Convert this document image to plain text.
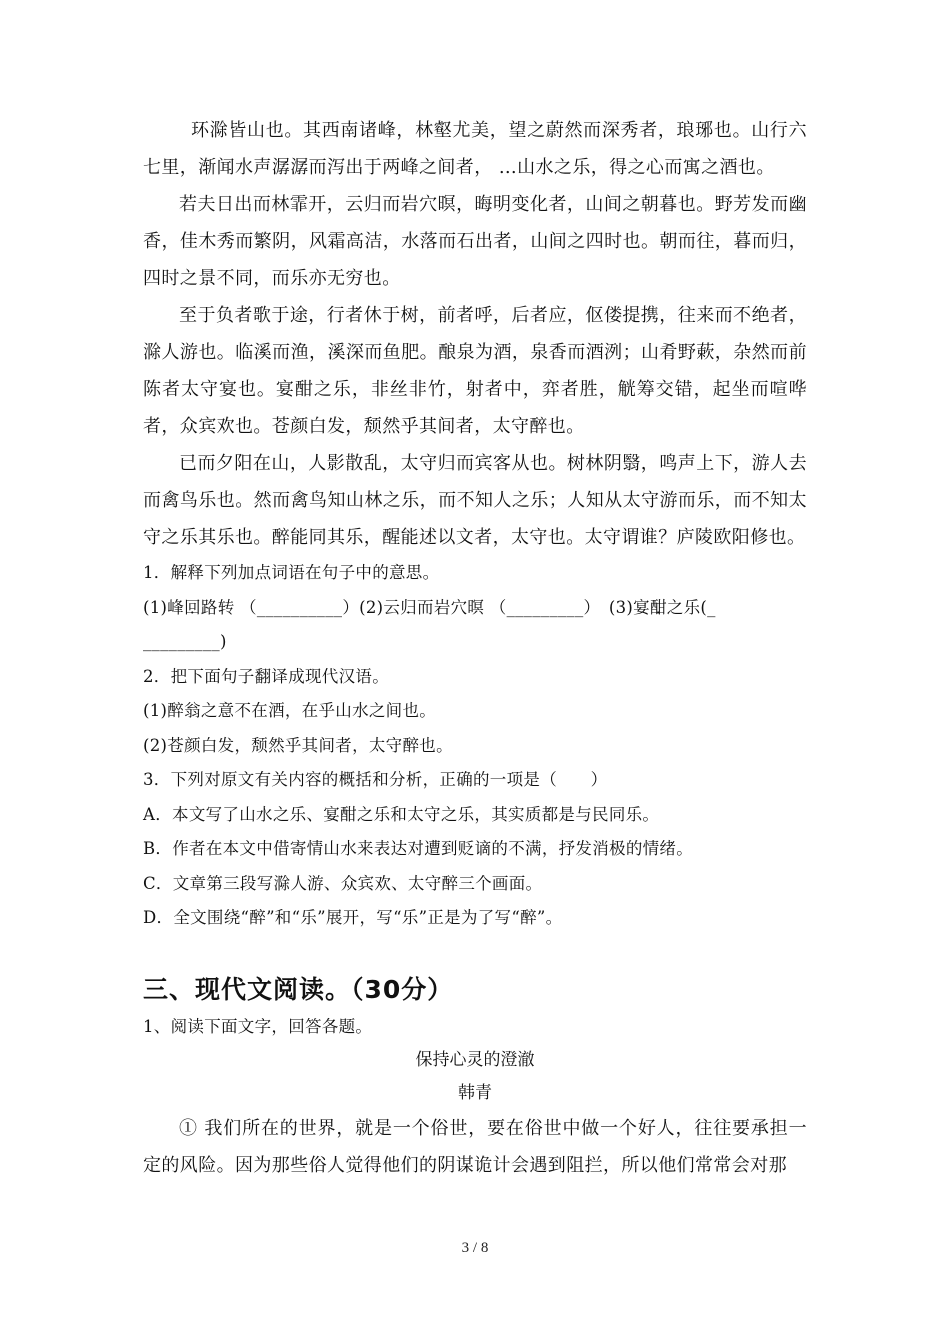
环滁皆山也。其西南诸峰，林壑尤美，望之蔚然而深秀者，琅琊也。山行六七里，渐闻水声潺潺而泻出于两峰之间者， …山水之乐，得之心而寓之酒也。

若夫日出而林霏开，云归而岩穴暝，晦明变化者，山间之朝暮也。野芳发而幽香，佳木秀而繁阴，风霜高洁，水落而石出者，山间之四时也。朝而往，暮而归，四时之景不同，而乐亦无穷也。

至于负者歌于途，行者休于树，前者呼，后者应，伛偻提携，往来而不绝者，滁人游也。临溪而渔，溪深而鱼肥。酿泉为酒，泉香而酒洌；山肴野蔌，杂然而前陈者太守宴也。宴酣之乐，非丝非竹，射者中，弈者胜，觥筹交错，起坐而喧哗者，众宾欢也。苍颜白发，颓然乎其间者，太守醉也。

已而夕阳在山，人影散乱，太守归而宾客从也。树林阴翳，鸣声上下，游人去而禽鸟乐也。然而禽鸟知山林之乐，而不知人之乐；人知从太守游而乐，而不知太守之乐其乐也。醉能同其乐，醒能述以文者，太守也。太守谓谁？庐陵欧阳修也。

1．解释下列加点词语在句子中的意思。

(1)峰回路转 （__________）(2)云归而岩穴暝 （_________）　(3)宴酣之乐(_

_________)

2．把下面句子翻译成现代汉语。

(1)醉翁之意不在酒，在乎山水之间也。

(2)苍颜白发，颓然乎其间者，太守醉也。

3．下列对原文有关内容的概括和分析，正确的一项是（　　）

A．本文写了山水之乐、宴酣之乐和太守之乐，其实质都是与民同乐。

B．作者在本文中借寄情山水来表达对遭到贬谪的不满，抒发消极的情绪。

C．文章第三段写滁人游、众宾欢、太守醉三个画面。

D．全文围绕“醉”和“乐”展开，写“乐”正是为了写“醉”。

三、现代文阅读。（30分）

1、阅读下面文字，回答各题。

保持心灵的澄澈

韩青

① 我们所在的世界，就是一个俗世，要在俗世中做一个好人，往往要承担一定的风险。因为那些俗人觉得他们的阴谋诡计会遇到阻拦，所以他们常常会对那

3 / 8
